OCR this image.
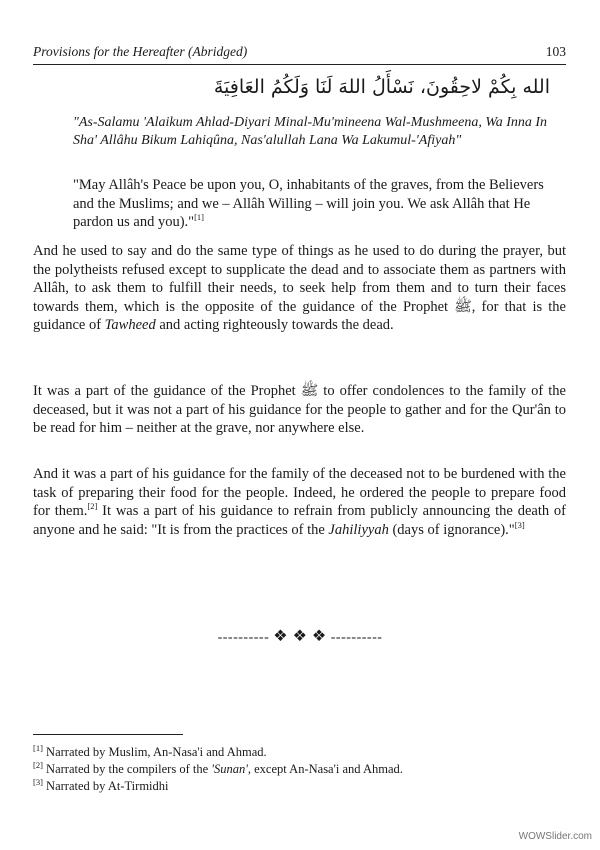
Provisions for the Hereafter (Abridged)	103
الله بِكُمْ لاحِقُونَ، نَسْأَلُ اللهَ لَنَا وَلَكُمُ العَافِيَةَ
"As-Salamu 'Alaikum Ahlad-Diyari Minal-Mu'mineena Wal-Mushmeena, Wa Inna In Sha' Allâhu Bikum Lahiqûna, Nas'alullah Lana Wa Lakumul-'Afiyah"
"May Allâh's Peace be upon you, O, inhabitants of the graves, from the Believers and the Muslims; and we – Allâh Willing – will join you. We ask Allâh that He pardon us and you)."[1]
And he used to say and do the same type of things as he used to do during the prayer, but the polytheists refused except to supplicate the dead and to associate them as partners with Allâh, to ask them to fulfill their needs, to seek help from them and to turn their faces towards them, which is the opposite of the guidance of the Prophet ﷺ, for that is the guidance of Tawheed and acting righteously towards the dead.
It was a part of the guidance of the Prophet ﷺ to offer condolences to the family of the deceased, but it was not a part of his guidance for the people to gather and for the Qur'ân to be read for him – neither at the grave, nor anywhere else.
And it was a part of his guidance for the family of the deceased not to be burdened with the task of preparing their food for the people. Indeed, he ordered the people to prepare food for them.[2] It was a part of his guidance to refrain from publicly announcing the death of anyone and he said: "It is from the practices of the Jahiliyyah (days of ignorance)."[3]
---------- ❖ ❖ ❖ ----------
[1] Narrated by Muslim, An-Nasa'i and Ahmad.
[2] Narrated by the compilers of the 'Sunan', except An-Nasa'i and Ahmad.
[3] Narrated by At-Tirmidhi
WOWSlider.com
